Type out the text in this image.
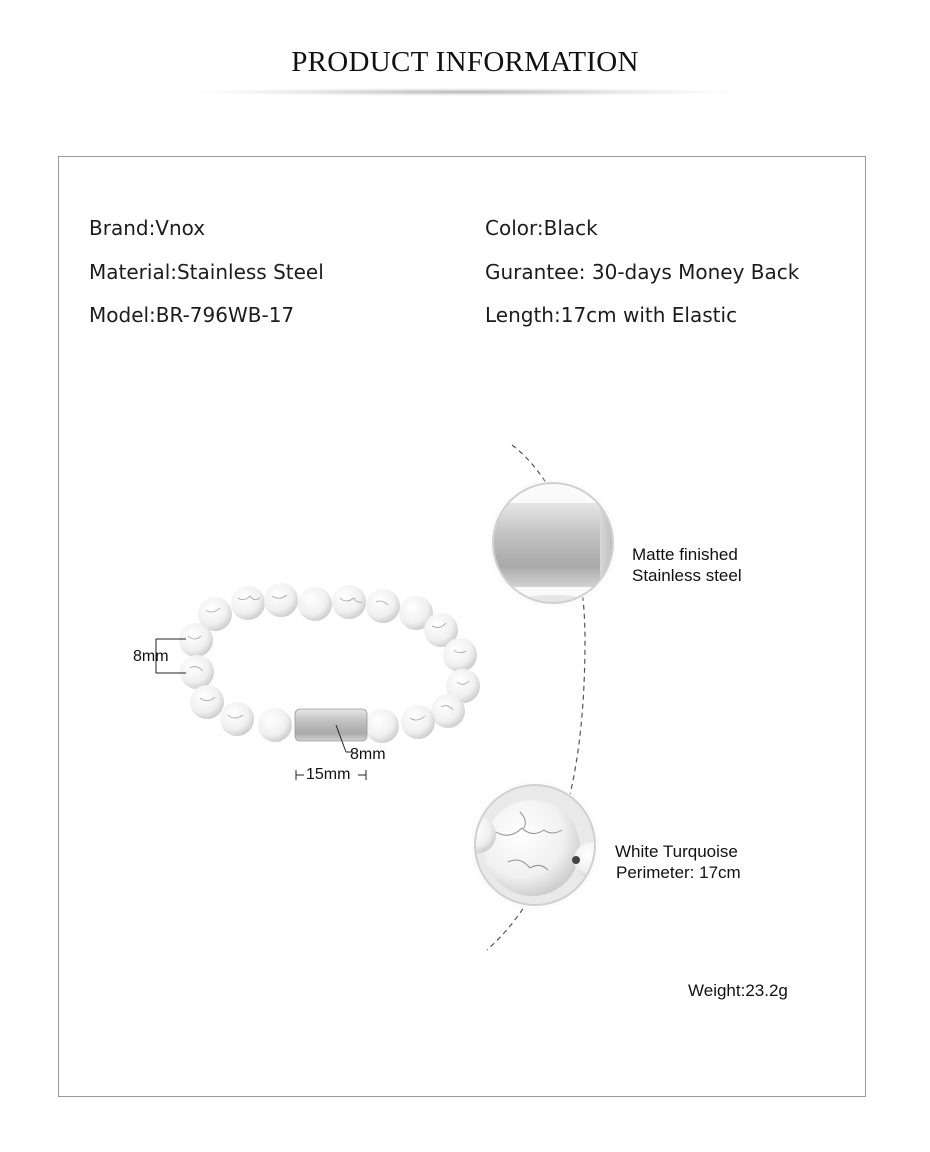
PRODUCT INFORMATION
Brand:Vnox
Material:Stainless Steel
Model:BR-796WB-17
Color:Black
Gurantee: 30-days Money Back
Length:17cm with Elastic
8mm
8mm
15mm
Matte finished
Stainless steel
White Turquoise
Perimeter: 17cm
Weight:23.2g
